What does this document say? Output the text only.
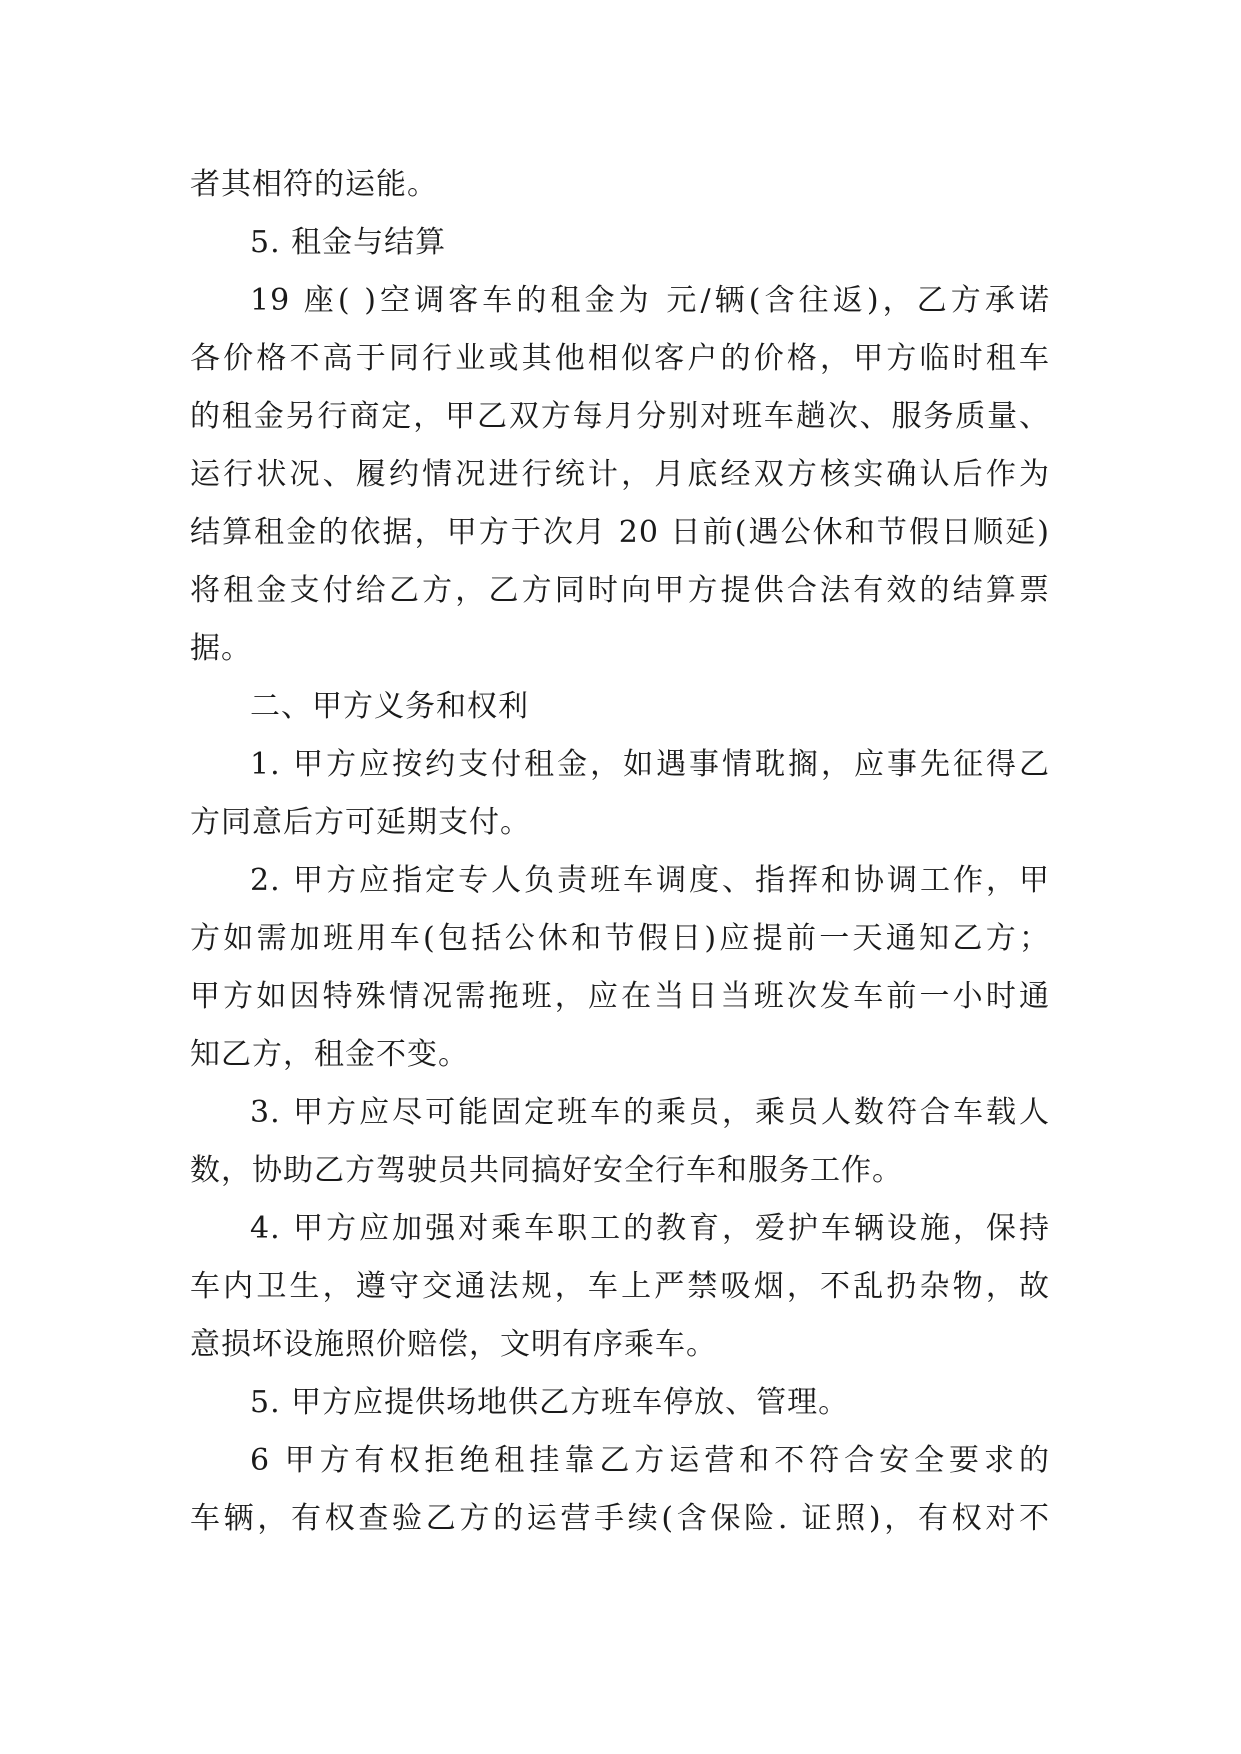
者其相符的运能。
5. 租金与结算
19 座( )空调客车的租金为 元/辆(含往返)，乙方承诺
各价格不高于同行业或其他相似客户的价格，甲方临时租车
的租金另行商定，甲乙双方每月分别对班车趟次、服务质量、
运行状况、履约情况进行统计，月底经双方核实确认后作为
结算租金的依据，甲方于次月 20 日前(遇公休和节假日顺延)
将租金支付给乙方，乙方同时向甲方提供合法有效的结算票
据。
二、甲方义务和权利
1. 甲方应按约支付租金，如遇事情耽搁，应事先征得乙
方同意后方可延期支付。
2. 甲方应指定专人负责班车调度、指挥和协调工作，甲
方如需加班用车(包括公休和节假日)应提前一天通知乙方；
甲方如因特殊情况需拖班，应在当日当班次发车前一小时通
知乙方，租金不变。
3. 甲方应尽可能固定班车的乘员，乘员人数符合车载人
数，协助乙方驾驶员共同搞好安全行车和服务工作。
4. 甲方应加强对乘车职工的教育，爱护车辆设施，保持
车内卫生，遵守交通法规，车上严禁吸烟，不乱扔杂物，故
意损坏设施照价赔偿，文明有序乘车。
5. 甲方应提供场地供乙方班车停放、管理。
6 甲方有权拒绝租挂靠乙方运营和不符合安全要求的
车辆，有权查验乙方的运营手续(含保险. 证照)，有权对不
